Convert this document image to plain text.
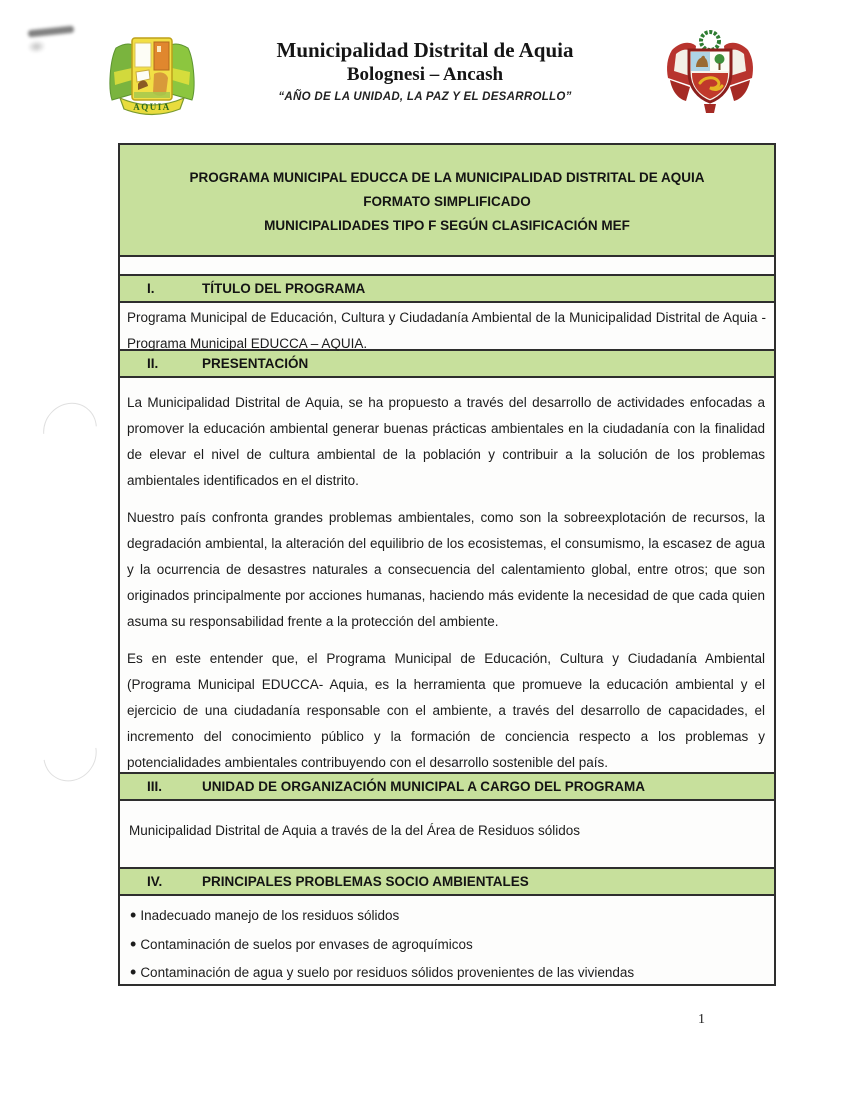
AQUIA
Municipalidad Distrital de Aquia
Bolognesi – Ancash
“AÑO DE LA UNIDAD, LA PAZ Y EL DESARROLLO”
PROGRAMA MUNICIPAL EDUCCA DE LA MUNICIPALIDAD DISTRITAL DE AQUIA
FORMATO SIMPLIFICADO
MUNICIPALIDADES TIPO F SEGÚN CLASIFICACIÓN MEF
I.	TÍTULO DEL PROGRAMA
Programa Municipal de Educación, Cultura y Ciudadanía Ambiental de la Municipalidad Distrital de Aquia - Programa Municipal EDUCCA – AQUIA.
II.	PRESENTACIÓN

La Municipalidad Distrital de Aquia, se ha propuesto a través del desarrollo de actividades enfocadas a promover la educación ambiental generar buenas prácticas ambientales en la ciudadanía con la finalidad de elevar el nivel de cultura ambiental de la población y contribuir a la solución de los problemas ambientales identificados en el distrito.

Nuestro país confronta grandes problemas ambientales, como son la sobreexplotación de recursos, la degradación ambiental, la alteración del equilibrio de los ecosistemas, el consumismo, la escasez de agua y la ocurrencia de desastres naturales a consecuencia del calentamiento global, entre otros; que son originados principalmente por acciones humanas, haciendo más evidente la necesidad de que cada quien asuma su responsabilidad frente a la protección del ambiente.

Es en este entender que, el Programa Municipal de Educación, Cultura y Ciudadanía Ambiental (Programa Municipal EDUCCA- Aquia, es la herramienta que promueve la educación ambiental y el ejercicio de una ciudadanía responsable con el ambiente, a través del desarrollo de capacidades, el incremento del conocimiento público y la formación de conciencia respecto a los problemas y potencialidades ambientales contribuyendo con el desarrollo sostenible del país.

III.	UNIDAD DE ORGANIZACIÓN MUNICIPAL A CARGO DEL PROGRAMA
Municipalidad Distrital de Aquia a través de la del Área de Residuos sólidos
IV.	PRINCIPALES PROBLEMAS SOCIO AMBIENTALES
• Inadecuado manejo de los residuos sólidos
• Contaminación de suelos por envases de agroquímicos
• Contaminación de agua y suelo por residuos sólidos provenientes de las viviendas
1
